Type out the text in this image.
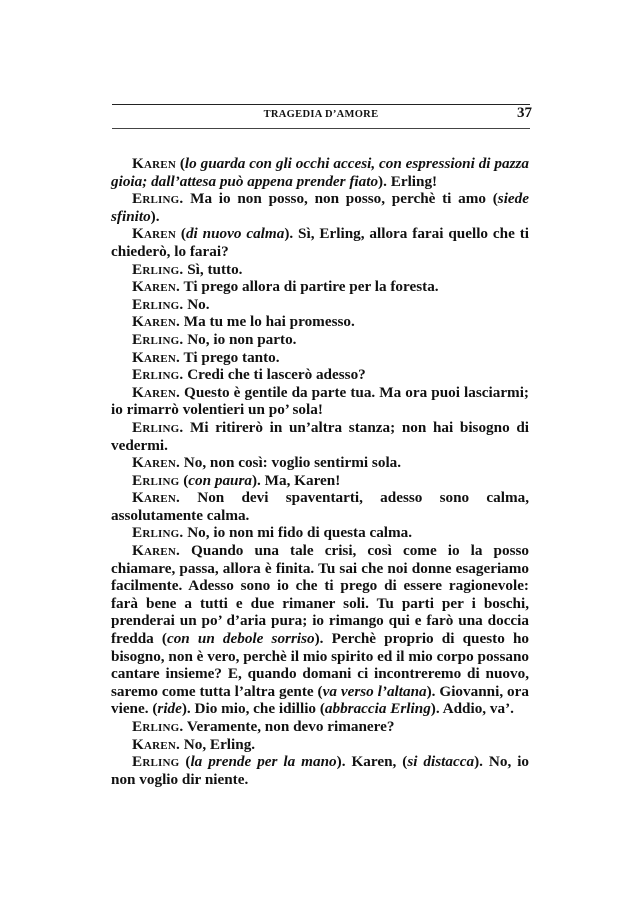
TRAGEDIA D’AMORE	37

Karen (lo guarda con gli occhi accesi, con espressioni di pazza gioia; dall’attesa può appena prender fiato). Erling!

Erling. Ma io non posso, non posso, perchè ti amo (siede sfinito).

Karen (di nuovo calma). Sì, Erling, allora farai quello che ti chiederò, lo farai?

Erling. Sì, tutto.

Karen. Ti prego allora di partire per la foresta.

Erling. No.

Karen. Ma tu me lo hai promesso.

Erling. No, io non parto.

Karen. Ti prego tanto.

Erling. Credi che ti lascerò adesso?

Karen. Questo è gentile da parte tua. Ma ora puoi lasciarmi; io rimarrò volentieri un po’ sola!

Erling. Mi ritirerò in un’altra stanza; non hai bisogno di vedermi.

Karen. No, non così: voglio sentirmi sola.

Erling (con paura). Ma, Karen!

Karen. Non devi spaventarti, adesso sono calma, assolutamente calma.

Erling. No, io non mi fido di questa calma.

Karen. Quando una tale crisi, così come io la posso chiamare, passa, allora è finita. Tu sai che noi donne esageriamo facilmente. Adesso sono io che ti prego di essere ragionevole: farà bene a tutti e due rimaner soli. Tu parti per i boschi, prenderai un po’ d’aria pura; io rimango qui e farò una doccia fredda (con un debole sorriso). Perchè proprio di questo ho bisogno, non è vero, perchè il mio spirito ed il mio corpo possano cantare insieme? E, quando domani ci incontreremo di nuovo, saremo come tutta l’altra gente (va verso l’altana). Giovanni, ora viene. (ride). Dio mio, che idillio (abbraccia Erling). Addio, va’.

Erling. Veramente, non devo rimanere?

Karen. No, Erling.

Erling (la prende per la mano). Karen, (si distacca). No, io non voglio dir niente.
